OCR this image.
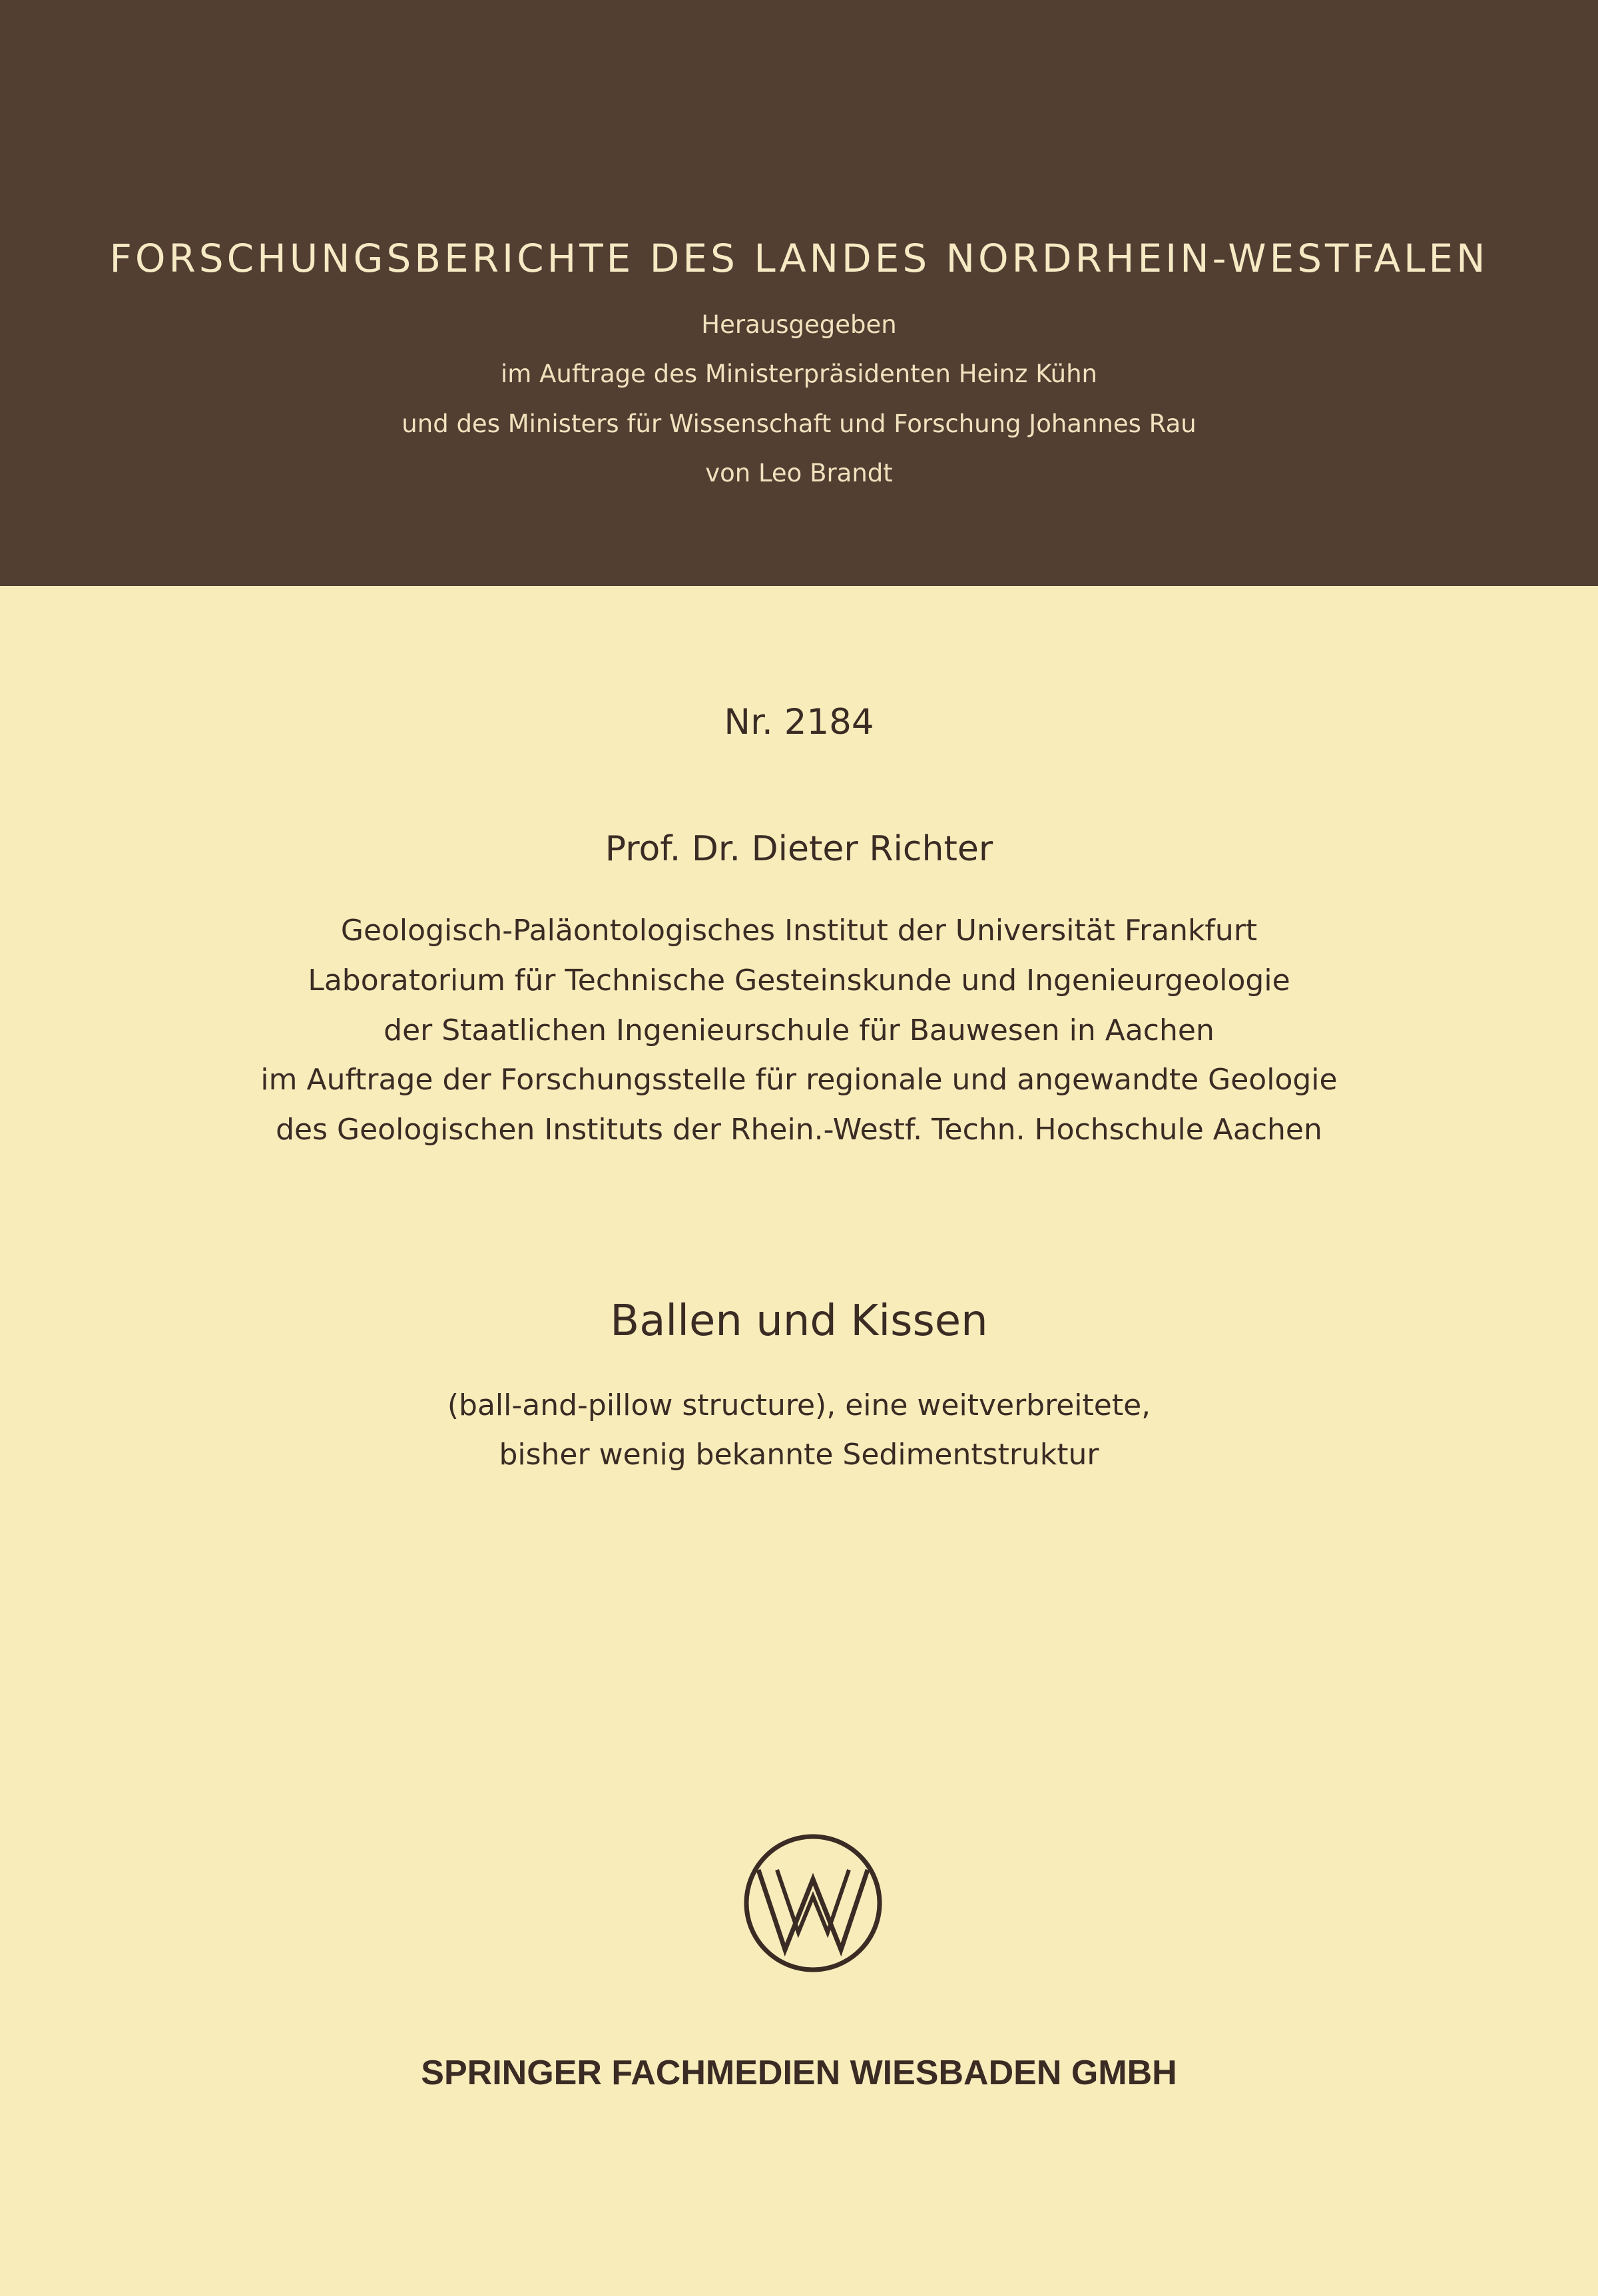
FORSCHUNGSBERICHTE DES LANDES NORDRHEIN-WESTFALEN
Herausgegeben
im Auftrage des Ministerpräsidenten Heinz Kühn
und des Ministers für Wissenschaft und Forschung Johannes Rau
von Leo Brandt
Nr. 2184
Prof. Dr. Dieter Richter
Geologisch-Paläontologisches Institut der Universität Frankfurt
Laboratorium für Technische Gesteinskunde und Ingenieurgeologie
der Staatlichen Ingenieurschule für Bauwesen in Aachen
im Auftrage der Forschungsstelle für regionale und angewandte Geologie
des Geologischen Instituts der Rhein.-Westf. Techn. Hochschule Aachen
Ballen und Kissen
(ball-and-pillow structure), eine weitverbreitete,
bisher wenig bekannte Sedimentstruktur
SPRINGER FACHMEDIEN WIESBADEN GMBH
